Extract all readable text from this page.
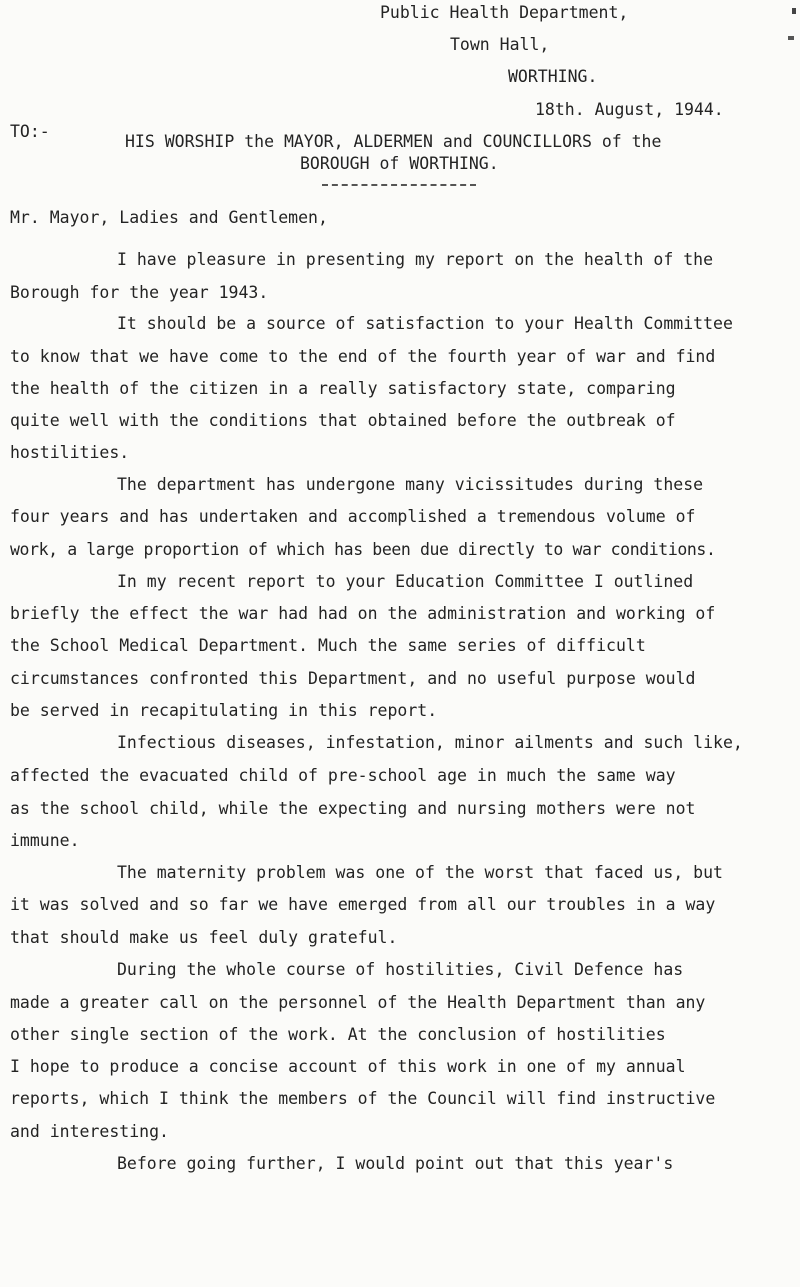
Public Health Department,
Town Hall,
WORTHING.
18th. August, 1944.
TO:-
HIS WORSHIP the MAYOR, ALDERMEN and COUNCILLORS of the
BOROUGH of WORTHING.
Mr. Mayor, Ladies and Gentlemen,
I have pleasure in presenting my report on the health of the
Borough for the year 1943.
It should be a source of satisfaction to your Health Committee
to know that we have come to the end of the fourth year of war and find
the health of the citizen in a really satisfactory state, comparing
quite well with the conditions that obtained before the outbreak of
hostilities.
The department has undergone many vicissitudes during these
four years and has undertaken and accomplished a tremendous volume of
work, a large proportion of which has been due directly to war conditions.
In my recent report to your Education Committee I outlined
briefly the effect the war had had on the administration and working of
the School Medical Department. Much the same series of difficult
circumstances confronted this Department, and no useful purpose would
be served in recapitulating in this report.
Infectious diseases, infestation, minor ailments and such like,
affected the evacuated child of pre-school age in much the same way
as the school child, while the expecting and nursing mothers were not
immune.
The maternity problem was one of the worst that faced us, but
it was solved and so far we have emerged from all our troubles in a way
that should make us feel duly grateful.
During the whole course of hostilities, Civil Defence has
made a greater call on the personnel of the Health Department than any
other single section of the work. At the conclusion of hostilities
I hope to produce a concise account of this work in one of my annual
reports, which I think the members of the Council will find instructive
and interesting.
Before going further, I would point out that this year's
